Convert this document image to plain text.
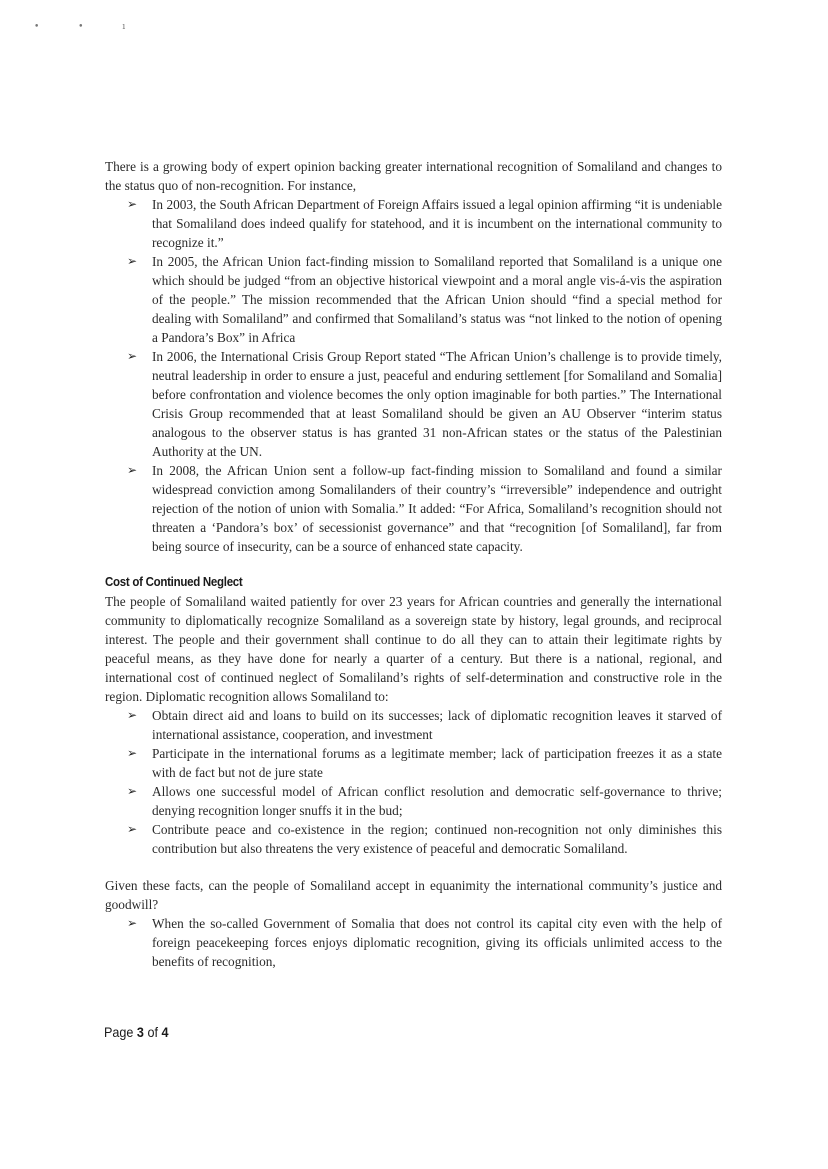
• • ı

There is a growing body of expert opinion backing greater international recognition of Somaliland and changes to the status quo of non-recognition. For instance,

➢ In 2003, the South African Department of Foreign Affairs issued a legal opinion affirming “it is undeniable that Somaliland does indeed qualify for statehood, and it is incumbent on the international community to recognize it.”
➢ In 2005, the African Union fact-finding mission to Somaliland reported that Somaliland is a unique one which should be judged “from an objective historical viewpoint and a moral angle vis-á-vis the aspiration of the people.” The mission recommended that the African Union should “find a special method for dealing with Somaliland” and confirmed that Somaliland’s status was “not linked to the notion of opening a Pandora’s Box” in Africa
➢ In 2006, the International Crisis Group Report stated “The African Union’s challenge is to provide timely, neutral leadership in order to ensure a just, peaceful and enduring settlement [for Somaliland and Somalia] before confrontation and violence becomes the only option imaginable for both parties.” The International Crisis Group recommended that at least Somaliland should be given an AU Observer “interim status analogous to the observer status is has granted 31 non-African states or the status of the Palestinian Authority at the UN.
➢ In 2008, the African Union sent a follow-up fact-finding mission to Somaliland and found a similar widespread conviction among Somalilanders of their country’s “irreversible” independence and outright rejection of the notion of union with Somalia.” It added: “For Africa, Somaliland’s recognition should not threaten a ‘Pandora’s box’ of secessionist governance” and that “recognition [of Somaliland], far from being source of insecurity, can be a source of enhanced state capacity.
Cost of Continued Neglect

The people of Somaliland waited patiently for over 23 years for African countries and generally the international community to diplomatically recognize Somaliland as a sovereign state by history, legal grounds, and reciprocal interest. The people and their government shall continue to do all they can to attain their legitimate rights by peaceful means, as they have done for nearly a quarter of a century. But there is a national, regional, and international cost of continued neglect of Somaliland’s rights of self-determination and constructive role in the region. Diplomatic recognition allows Somaliland to:

➢ Obtain direct aid and loans to build on its successes; lack of diplomatic recognition leaves it starved of international assistance, cooperation, and investment
➢ Participate in the international forums as a legitimate member; lack of participation freezes it as a state with de fact but not de jure state
➢ Allows one successful model of African conflict resolution and democratic self-governance to thrive; denying recognition longer snuffs it in the bud;
➢ Contribute peace and co-existence in the region; continued non-recognition not only diminishes this contribution but also threatens the very existence of peaceful and democratic Somaliland.

Given these facts, can the people of Somaliland accept in equanimity the international community’s justice and goodwill?

➢ When the so-called Government of Somalia that does not control its capital city even with the help of foreign peacekeeping forces enjoys diplomatic recognition, giving its officials unlimited access to the benefits of recognition,
Page 3 of 4
